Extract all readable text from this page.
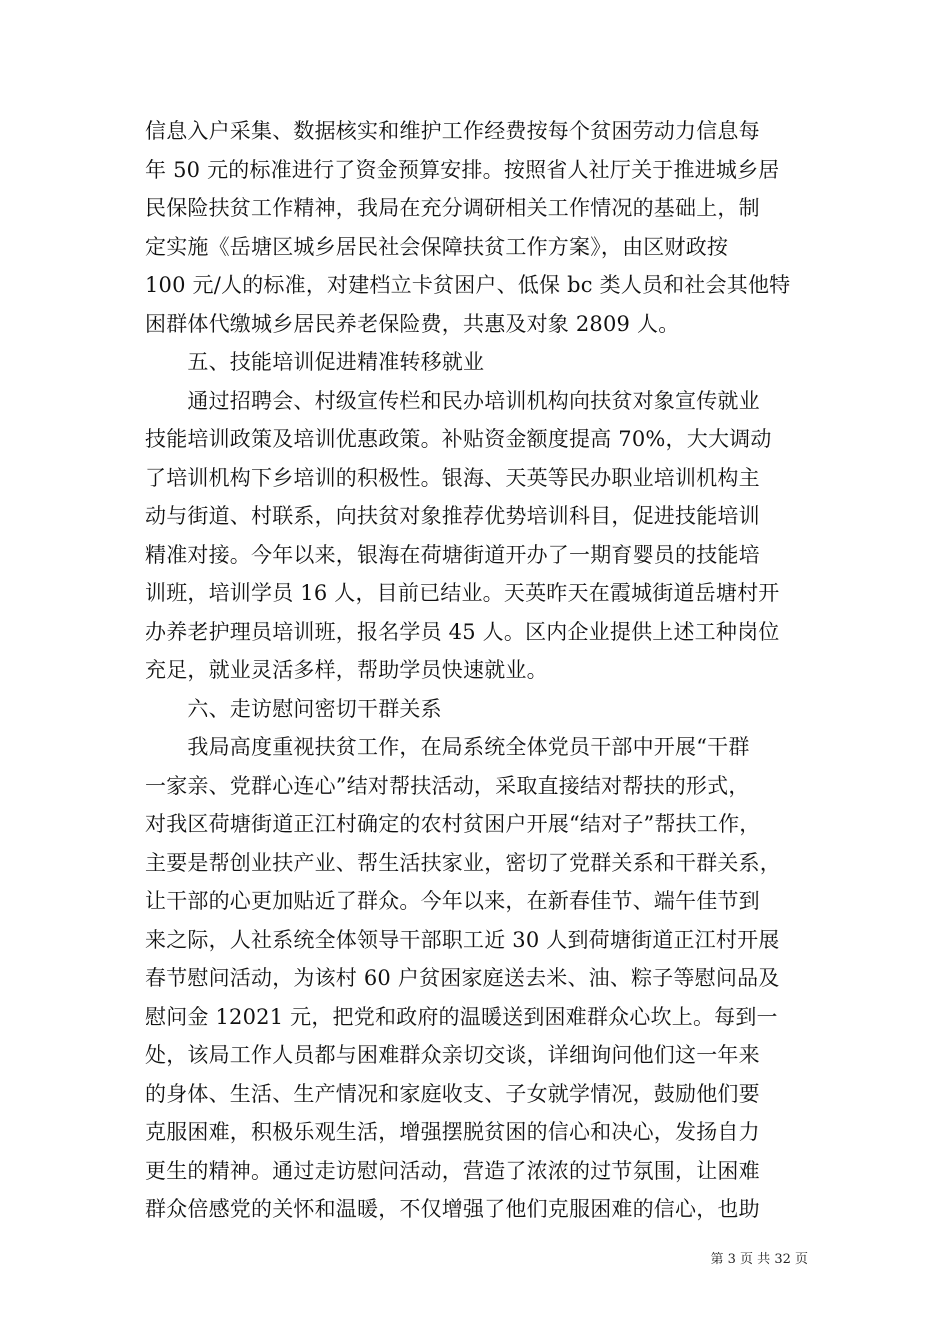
信息入户采集、数据核实和维护工作经费按每个贫困劳动力信息每
年 50 元的标准进行了资金预算安排。按照省人社厅关于推进城乡居
民保险扶贫工作精神，我局在充分调研相关工作情况的基础上，制
定实施《岳塘区城乡居民社会保障扶贫工作方案》，由区财政按
100 元/人的标准，对建档立卡贫困户、低保 bc 类人员和社会其他特
困群体代缴城乡居民养老保险费，共惠及对象 2809 人。
　　五、技能培训促进精准转移就业
　　通过招聘会、村级宣传栏和民办培训机构向扶贫对象宣传就业
技能培训政策及培训优惠政策。补贴资金额度提高 70%，大大调动
了培训机构下乡培训的积极性。银海、天英等民办职业培训机构主
动与街道、村联系，向扶贫对象推荐优势培训科目，促进技能培训
精准对接。今年以来，银海在荷塘街道开办了一期育婴员的技能培
训班，培训学员 16 人，目前已结业。天英昨天在霞城街道岳塘村开
办养老护理员培训班，报名学员 45 人。区内企业提供上述工种岗位
充足，就业灵活多样，帮助学员快速就业。
　　六、走访慰问密切干群关系
　　我局高度重视扶贫工作，在局系统全体党员干部中开展“干群
一家亲、党群心连心”结对帮扶活动，采取直接结对帮扶的形式，
对我区荷塘街道正江村确定的农村贫困户开展“结对子”帮扶工作，
主要是帮创业扶产业、帮生活扶家业，密切了党群关系和干群关系，
让干部的心更加贴近了群众。今年以来，在新春佳节、端午佳节到
来之际，人社系统全体领导干部职工近 30 人到荷塘街道正江村开展
春节慰问活动，为该村 60 户贫困家庭送去米、油、粽子等慰问品及
慰问金 12021 元，把党和政府的温暖送到困难群众心坎上。每到一
处，该局工作人员都与困难群众亲切交谈，详细询问他们这一年来
的身体、生活、生产情况和家庭收支、子女就学情况，鼓励他们要
克服困难，积极乐观生活，增强摆脱贫困的信心和决心，发扬自力
更生的精神。通过走访慰问活动，营造了浓浓的过节氛围，让困难
群众倍感党的关怀和温暖，不仅增强了他们克服困难的信心，也助
第 3 页 共 32 页
